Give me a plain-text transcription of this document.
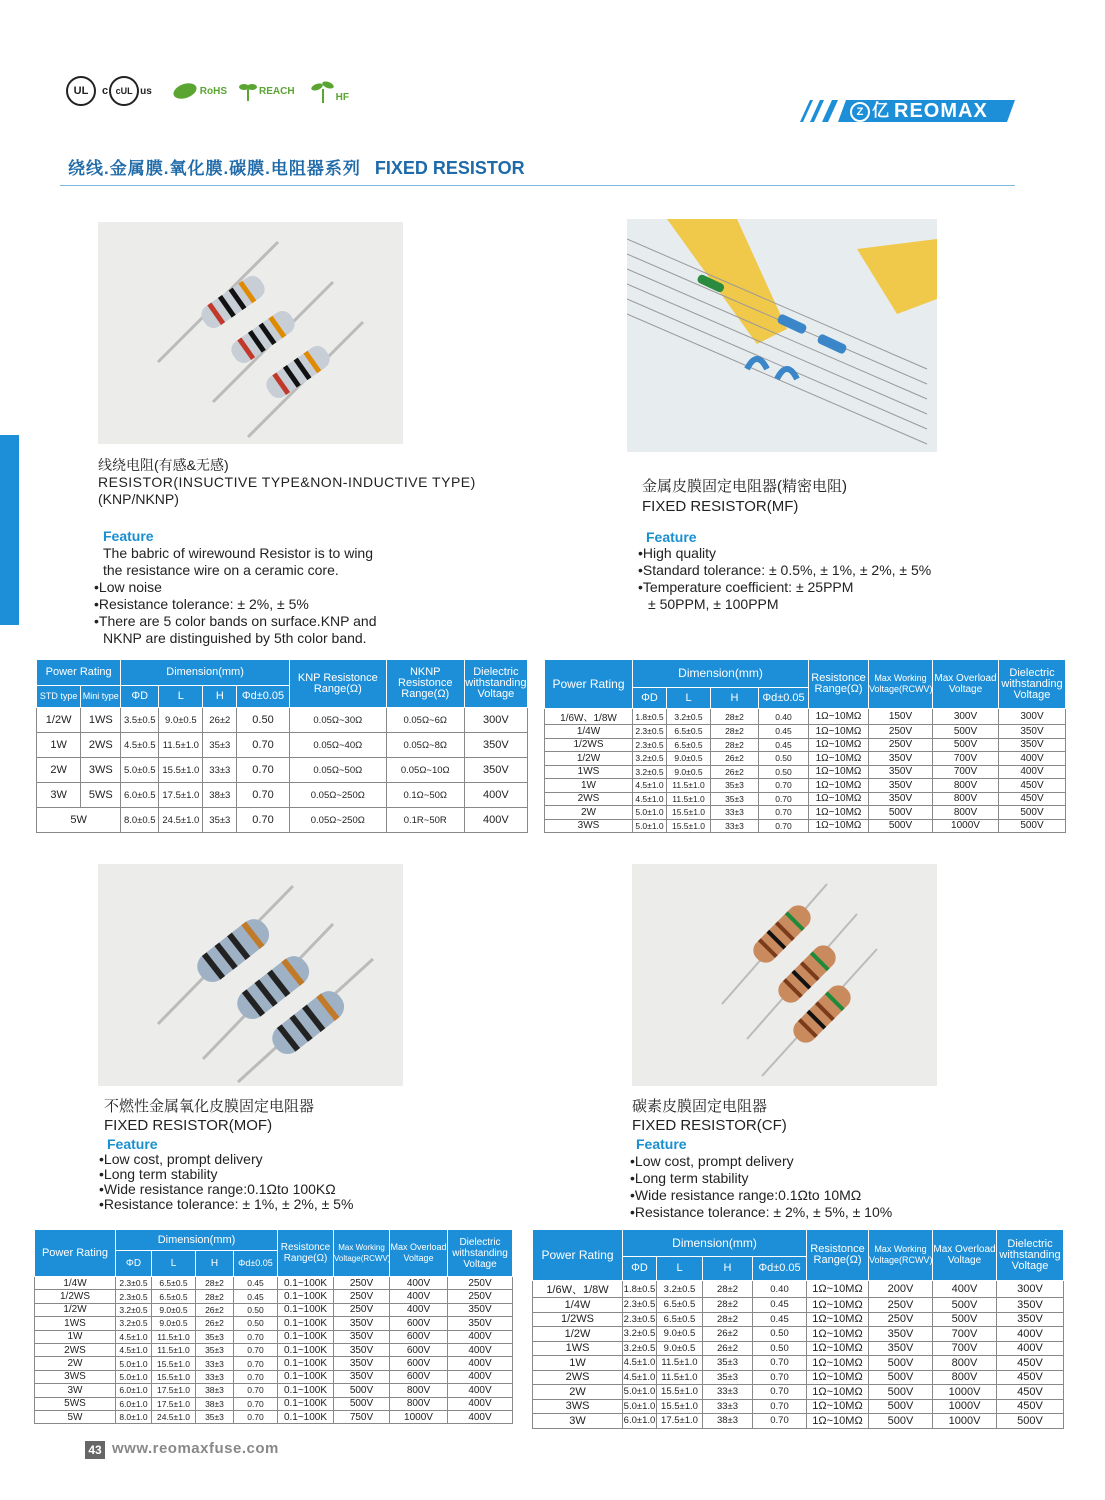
UL	c cUL us	RoHS	REACH
HF
Z 亿 REOMAX
绕线.金属膜.氧化膜.碳膜.电阻器系列 FIXED RESISTOR
线绕电阻(有感&无感)
RESISTOR(INSUCTIVE TYPE&NON-INDUCTIVE TYPE)
(KNP/NKNP)
Feature
The babric of wirewound Resistor is to wing
the resistance wire on a ceramic core.
•Low noise
•Resistance tolerance: ± 2%, ± 5%
•There are 5 color bands on surface.KNP and
NKNP are distinguished by 5th color band.
金属皮膜固定电阻器(精密电阻)
FIXED RESISTOR(MF)
Feature
•High quality
•Standard tolerance: ± 0.5%, ± 1%, ± 2%, ± 5%
•Temperature coefficient: ± 25PPM
± 50PPM, ± 100PPM
Power Rating		Dimension(mm)				KNP Resistonce Range(Ω)	NKNP Resistonce Range(Ω)	Dielectric withstanding Voltage
STD type	Mini type	ΦD	L	H	Φd±0.05			
1/2W	1WS	3.5±0.5	9.0±0.5	26±2	0.50	0.05Ω~30Ω	0.05Ω~6Ω	300V
1W	2WS	4.5±0.5	11.5±1.0	35±3	0.70	0.05Ω~40Ω	0.05Ω~8Ω	350V
2W	3WS	5.0±0.5	15.5±1.0	33±3	0.70	0.05Ω~50Ω	0.05Ω~10Ω	350V
3W	5WS	6.0±0.5	17.5±1.0	38±3	0.70	0.05Ω~250Ω	0.1Ω~50Ω	400V
5W		8.0±0.5	24.5±1.0	35±3	0.70	0.05Ω~250Ω	0.1R~50R	400V
Power Rating	Dimension(mm)				Resistonce Range(Ω)	Max Working Voltage(RCWV)	Max Overload Voltage	Dielectric withstanding Voltage
	ΦD	L	H	Φd±0.05				
1/6W、1/8W	1.8±0.5	3.2±0.5	28±2	0.40	1Ω~10MΩ	150V	300V	300V
1/4W	2.3±0.5	6.5±0.5	28±2	0.45	1Ω~10MΩ	250V	500V	350V
1/2WS	2.3±0.5	6.5±0.5	28±2	0.45	1Ω~10MΩ	250V	500V	350V
1/2W	3.2±0.5	9.0±0.5	26±2	0.50	1Ω~10MΩ	350V	700V	400V
1WS	3.2±0.5	9.0±0.5	26±2	0.50	1Ω~10MΩ	350V	700V	400V
1W	4.5±1.0	11.5±1.0	35±3	0.70	1Ω~10MΩ	350V	800V	450V
2WS	4.5±1.0	11.5±1.0	35±3	0.70	1Ω~10MΩ	350V	800V	450V
2W	5.0±1.0	15.5±1.0	33±3	0.70	1Ω~10MΩ	500V	800V	500V
3WS	5.0±1.0	15.5±1.0	33±3	0.70	1Ω~10MΩ	500V	1000V	500V
不燃性金属氧化皮膜固定电阻器
FIXED RESISTOR(MOF)
Feature
•Low cost, prompt delivery
•Long term stability
•Wide resistance range:0.1Ωto 100KΩ
•Resistance tolerance: ± 1%, ± 2%, ± 5%
碳素皮膜固定电阻器
FIXED RESISTOR(CF)
Feature
•Low cost, prompt delivery
•Long term stability
•Wide resistance range:0.1Ωto 10MΩ
•Resistance tolerance: ± 2%, ± 5%, ± 10%
Power Rating	Dimension(mm)				Resistonce Range(Ω)	Max Working Voltage(RCWV)	Max Overload Voltage	Dielectric withstanding Voltage
	ΦD	L	H	Φd±0.05				
1/4W	2.3±0.5	6.5±0.5	28±2	0.45	0.1~100K	250V	400V	250V
1/2WS	2.3±0.5	6.5±0.5	28±2	0.45	0.1~100K	250V	400V	250V
1/2W	3.2±0.5	9.0±0.5	26±2	0.50	0.1~100K	250V	400V	350V
1WS	3.2±0.5	9.0±0.5	26±2	0.50	0.1~100K	350V	600V	350V
1W	4.5±1.0	11.5±1.0	35±3	0.70	0.1~100K	350V	600V	400V
2WS	4.5±1.0	11.5±1.0	35±3	0.70	0.1~100K	350V	600V	400V
2W	5.0±1.0	15.5±1.0	33±3	0.70	0.1~100K	350V	600V	400V
3WS	5.0±1.0	15.5±1.0	33±3	0.70	0.1~100K	350V	600V	400V
3W	6.0±1.0	17.5±1.0	38±3	0.70	0.1~100K	500V	800V	400V
5WS	6.0±1.0	17.5±1.0	38±3	0.70	0.1~100K	500V	800V	400V
5W	8.0±1.0	24.5±1.0	35±3	0.70	0.1~100K	750V	1000V	400V
Power Rating	Dimension(mm)				Resistonce Range(Ω)	Max Working Voltage(RCWV)	Max Overload Voltage	Dielectric withstanding Voltage
	ΦD	L	H	Φd±0.05				
1/6W、1/8W	1.8±0.5	3.2±0.5	28±2	0.40	1Ω~10MΩ	200V	400V	300V
1/4W	2.3±0.5	6.5±0.5	28±2	0.45	1Ω~10MΩ	250V	500V	350V
1/2WS	2.3±0.5	6.5±0.5	28±2	0.45	1Ω~10MΩ	250V	500V	350V
1/2W	3.2±0.5	9.0±0.5	26±2	0.50	1Ω~10MΩ	350V	700V	400V
1WS	3.2±0.5	9.0±0.5	26±2	0.50	1Ω~10MΩ	350V	700V	400V
1W	4.5±1.0	11.5±1.0	35±3	0.70	1Ω~10MΩ	500V	800V	450V
2WS	4.5±1.0	11.5±1.0	35±3	0.70	1Ω~10MΩ	500V	800V	450V
2W	5.0±1.0	15.5±1.0	33±3	0.70	1Ω~10MΩ	500V	1000V	450V
3WS	5.0±1.0	15.5±1.0	33±3	0.70	1Ω~10MΩ	500V	1000V	450V
3W	6.0±1.0	17.5±1.0	38±3	0.70	1Ω~10MΩ	500V	1000V	500V
43 www.reomaxfuse.com
